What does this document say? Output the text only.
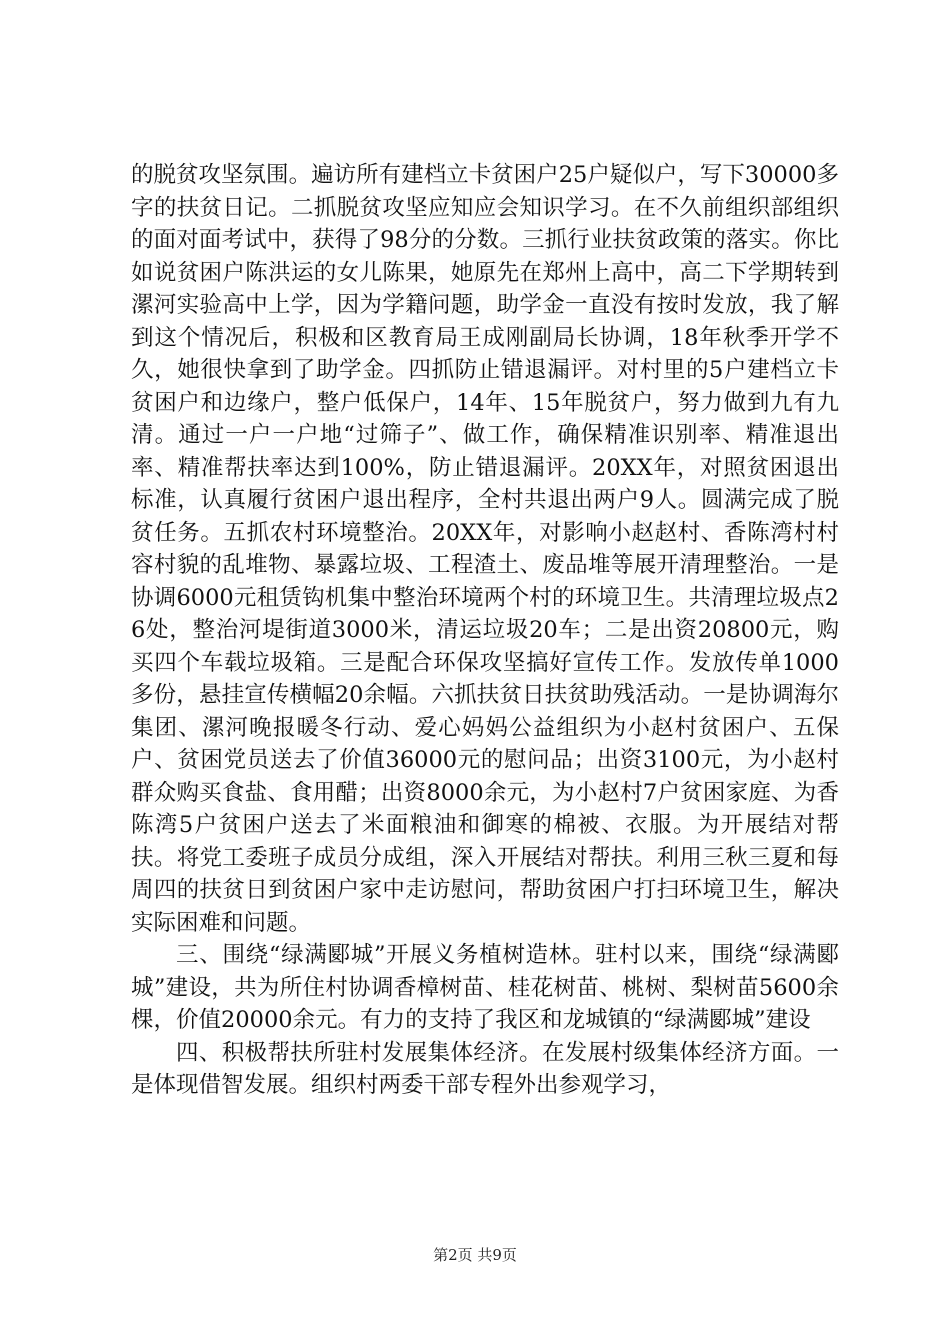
的脱贫攻坚氛围。遍访所有建档立卡贫困户25户疑似户，写下30000多字的扶贫日记。二抓脱贫攻坚应知应会知识学习。在不久前组织部组织的面对面考试中，获得了98分的分数。三抓行业扶贫政策的落实。你比如说贫困户陈洪运的女儿陈果，她原先在郑州上高中，高二下学期转到漯河实验高中上学，因为学籍问题，助学金一直没有按时发放，我了解到这个情况后，积极和区教育局王成刚副局长协调，18年秋季开学不久，她很快拿到了助学金。四抓防止错退漏评。对村里的5户建档立卡贫困户和边缘户，整户低保户，14年、15年脱贫户，努力做到九有九清。通过一户一户地“过筛子”、做工作，确保精准识别率、精准退出率、精准帮扶率达到100%，防止错退漏评。20XX年，对照贫困退出标准，认真履行贫困户退出程序，全村共退出两户9人。圆满完成了脱贫任务。五抓农村环境整治。20XX年，对影响小赵赵村、香陈湾村村容村貌的乱堆物、暴露垃圾、工程渣土、废品堆等展开清理整治。一是协调6000元租赁钩机集中整治环境两个村的环境卫生。共清理垃圾点26处，整治河堤街道3000米，清运垃圾20车；二是出资20800元，购买四个车载垃圾箱。三是配合环保攻坚搞好宣传工作。发放传单1000多份，悬挂宣传横幅20余幅。六抓扶贫日扶贫助残活动。一是协调海尔集团、漯河晚报暖冬行动、爱心妈妈公益组织为小赵村贫困户、五保户、贫困党员送去了价值36000元的慰问品；出资3100元，为小赵村群众购买食盐、食用醋；出资8000余元，为小赵村7户贫困家庭、为香陈湾5户贫困户送去了米面粮油和御寒的棉被、衣服。为开展结对帮扶。将党工委班子成员分成组，深入开展结对帮扶。利用三秋三夏和每周四的扶贫日到贫困户家中走访慰问，帮助贫困户打扫环境卫生，解决实际困难和问题。

三、围绕“绿满郾城”开展义务植树造林。驻村以来，围绕“绿满郾城”建设，共为所住村协调香樟树苗、桂花树苗、桃树、梨树苗5600余棵，价值20000余元。有力的支持了我区和龙城镇的“绿满郾城”建设

四、积极帮扶所驻村发展集体经济。在发展村级集体经济方面。一是体现借智发展。组织村两委干部专程外出参观学习，

第2页 共9页
